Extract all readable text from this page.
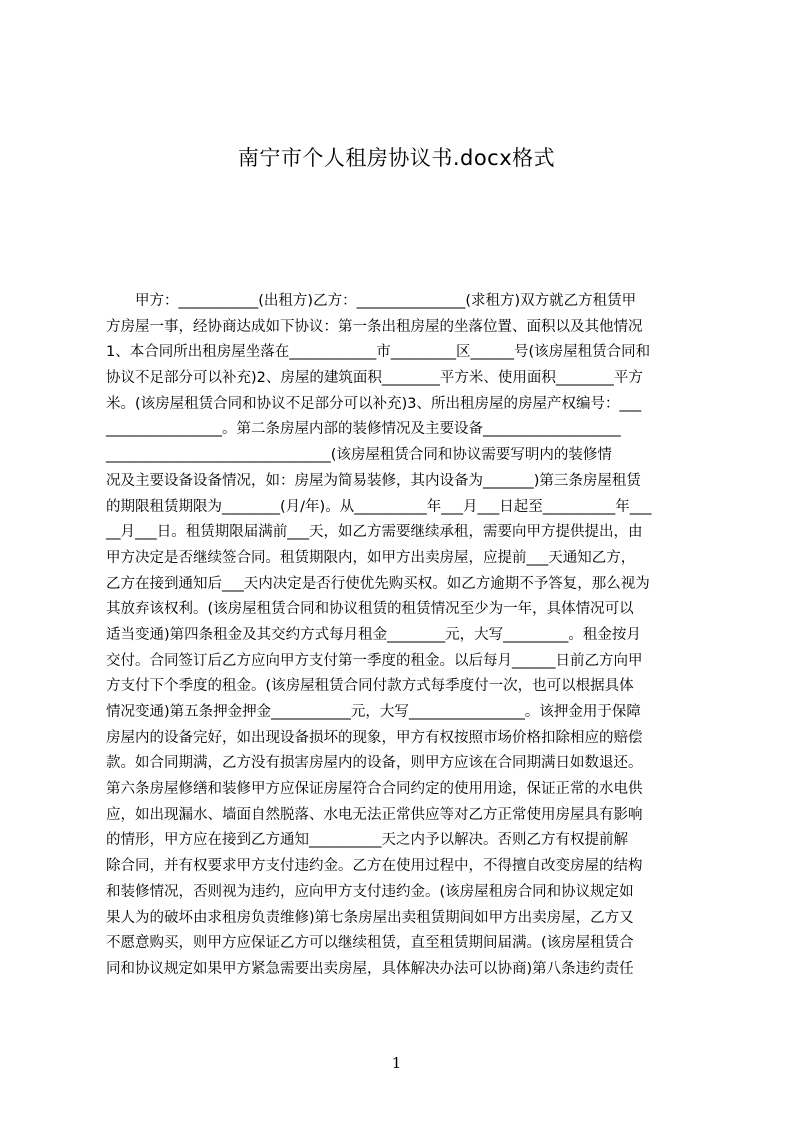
南宁市个人租房协议书.docx格式
　　甲方：___________(出租方)乙方：_______________(求租方)双方就乙方租赁甲
方房屋一事，经协商达成如下协议：第一条出租房屋的坐落位置、面积以及其他情况
1、本合同所出租房屋坐落在____________市_________区______号(该房屋租赁合同和
协议不足部分可以补充)2、房屋的建筑面积________平方米、使用面积________平方
米。(该房屋租赁合同和协议不足部分可以补充)3、所出租房屋的房屋产权编号：___
________________。第二条房屋内部的装修情况及主要设备___________________
_______________________________(该房屋租赁合同和协议需要写明内的装修情
况及主要设备设备情况，如：房屋为简易装修，其内设备为_______)第三条房屋租赁
的期限租赁期限为________(月/年)。从__________年___月___日起至__________年___
__月___日。租赁期限届满前___天，如乙方需要继续承租，需要向甲方提供提出，由
甲方决定是否继续签合同。租赁期限内，如甲方出卖房屋，应提前___天通知乙方，
乙方在接到通知后___天内决定是否行使优先购买权。如乙方逾期不予答复，那么视为
其放弃该权利。(该房屋租赁合同和协议租赁的租赁情况至少为一年，具体情况可以
适当变通)第四条租金及其交约方式每月租金________元，大写_________。租金按月
交付。合同签订后乙方应向甲方支付第一季度的租金。以后每月______日前乙方向甲
方支付下个季度的租金。(该房屋租赁合同付款方式每季度付一次，也可以根据具体
情况变通)第五条押金押金___________元，大写________________。该押金用于保障
房屋内的设备完好，如出现设备损坏的现象，甲方有权按照市场价格扣除相应的赔偿
款。如合同期满，乙方没有损害房屋内的设备，则甲方应该在合同期满日如数退还。
第六条房屋修缮和装修甲方应保证房屋符合合同约定的使用用途，保证正常的水电供
应，如出现漏水、墙面自然脱落、水电无法正常供应等对乙方正常使用房屋具有影响
的情形，甲方应在接到乙方通知__________天之内予以解决。否则乙方有权提前解
除合同，并有权要求甲方支付违约金。乙方在使用过程中，不得擅自改变房屋的结构
和装修情况，否则视为违约，应向甲方支付违约金。(该房屋租房合同和协议规定如
果人为的破坏由求租房负责维修)第七条房屋出卖租赁期间如甲方出卖房屋，乙方又
不愿意购买，则甲方应保证乙方可以继续租赁，直至租赁期间届满。(该房屋租赁合
同和协议规定如果甲方紧急需要出卖房屋，具体解决办法可以协商)第八条违约责任
1
